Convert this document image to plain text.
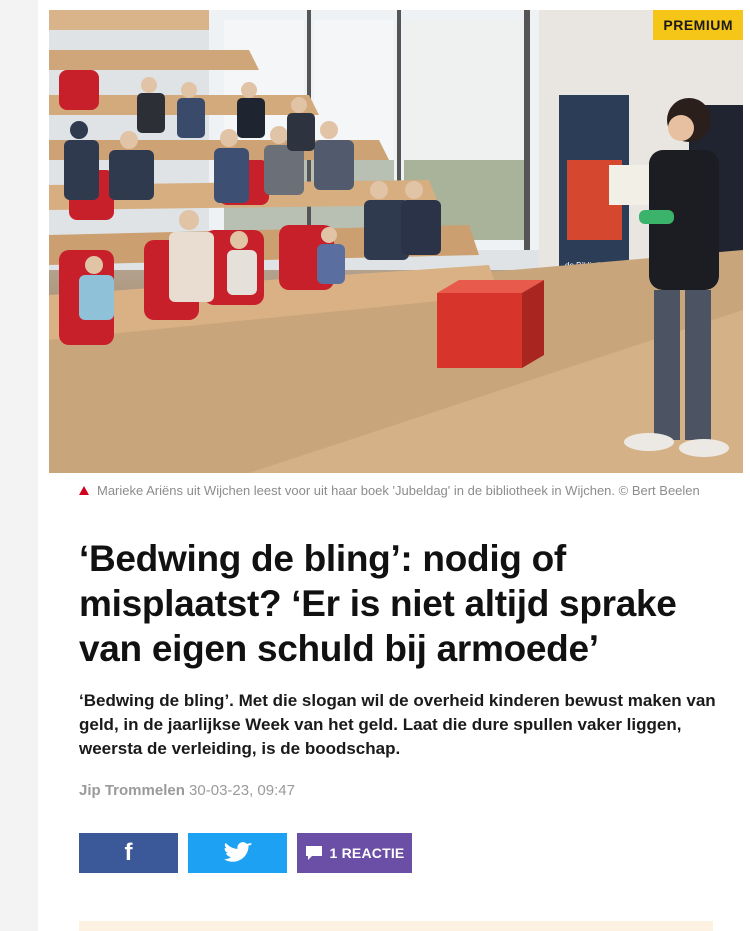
PREMIUM
Marieke Ariëns uit Wijchen leest voor uit haar boek 'Jubeldag' in de bibliotheek in Wijchen. © Bert Beelen
‘Bedwing de bling’: nodig of misplaatst? ‘Er is niet altijd sprake van eigen schuld bij armoede’

‘Bedwing de bling’. Met die slogan wil de overheid kinderen bewust maken van geld, in de jaarlijkse Week van het geld. Laat die dure spullen vaker liggen, weersta de verleiding, is de boodschap.

Jip Trommelen 30-03-23, 09:47
f	1 REACTIE
